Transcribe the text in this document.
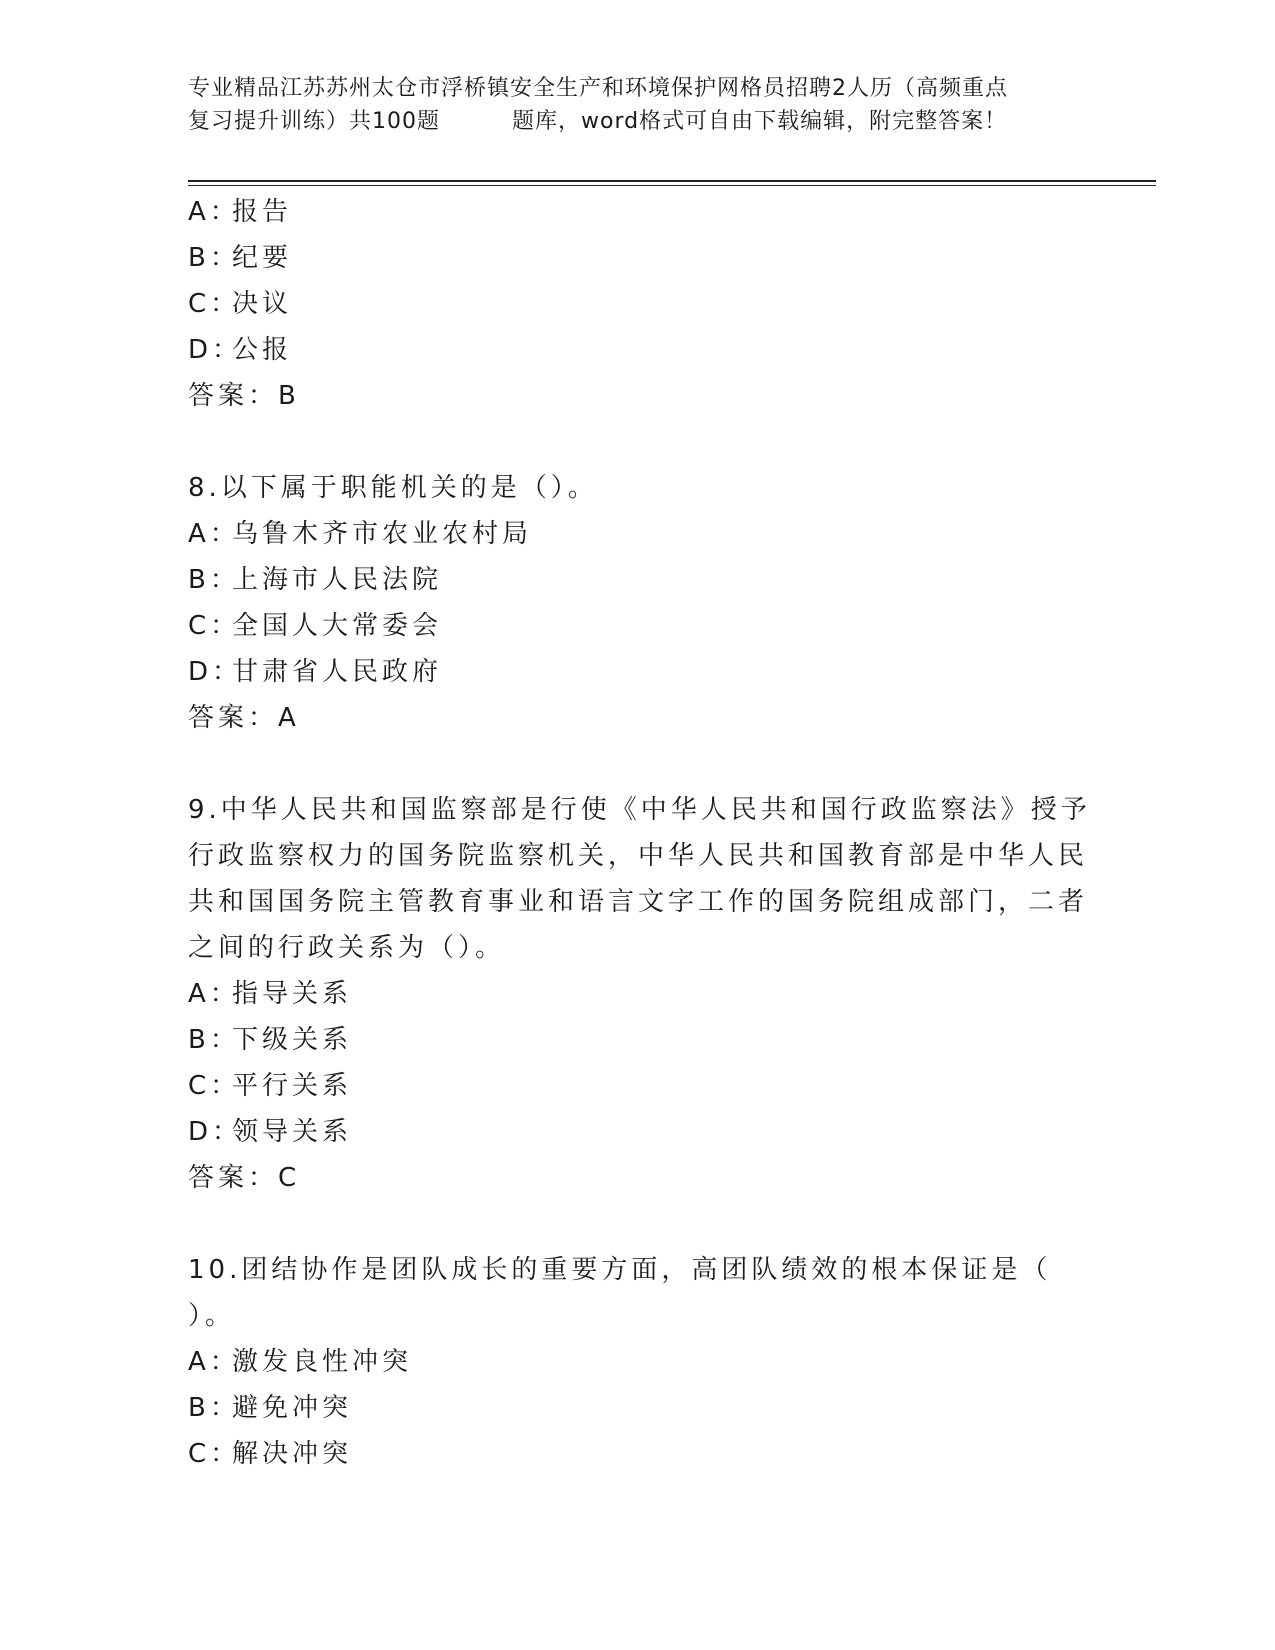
专业精品江苏苏州太仓市浮桥镇安全生产和环境保护网格员招聘2人历（高频重点
复习提升训练）共100题	题库，word格式可自由下载编辑，附完整答案！
A：报告
B：纪要
C：决议
D：公报
答案：B
8.以下属于职能机关的是（）。
A：乌鲁木齐市农业农村局
B：上海市人民法院
C：全国人大常委会
D：甘肃省人民政府
答案：A
9.中华人民共和国监察部是行使《中华人民共和国行政监察法》授予
行政监察权力的国务院监察机关，中华人民共和国教育部是中华人民
共和国国务院主管教育事业和语言文字工作的国务院组成部门，二者
之间的行政关系为（）。
A：指导关系
B：下级关系
C：平行关系
D：领导关系
答案：C
10.团结协作是团队成长的重要方面，高团队绩效的根本保证是（
）。
A：激发良性冲突
B：避免冲突
C：解决冲突
